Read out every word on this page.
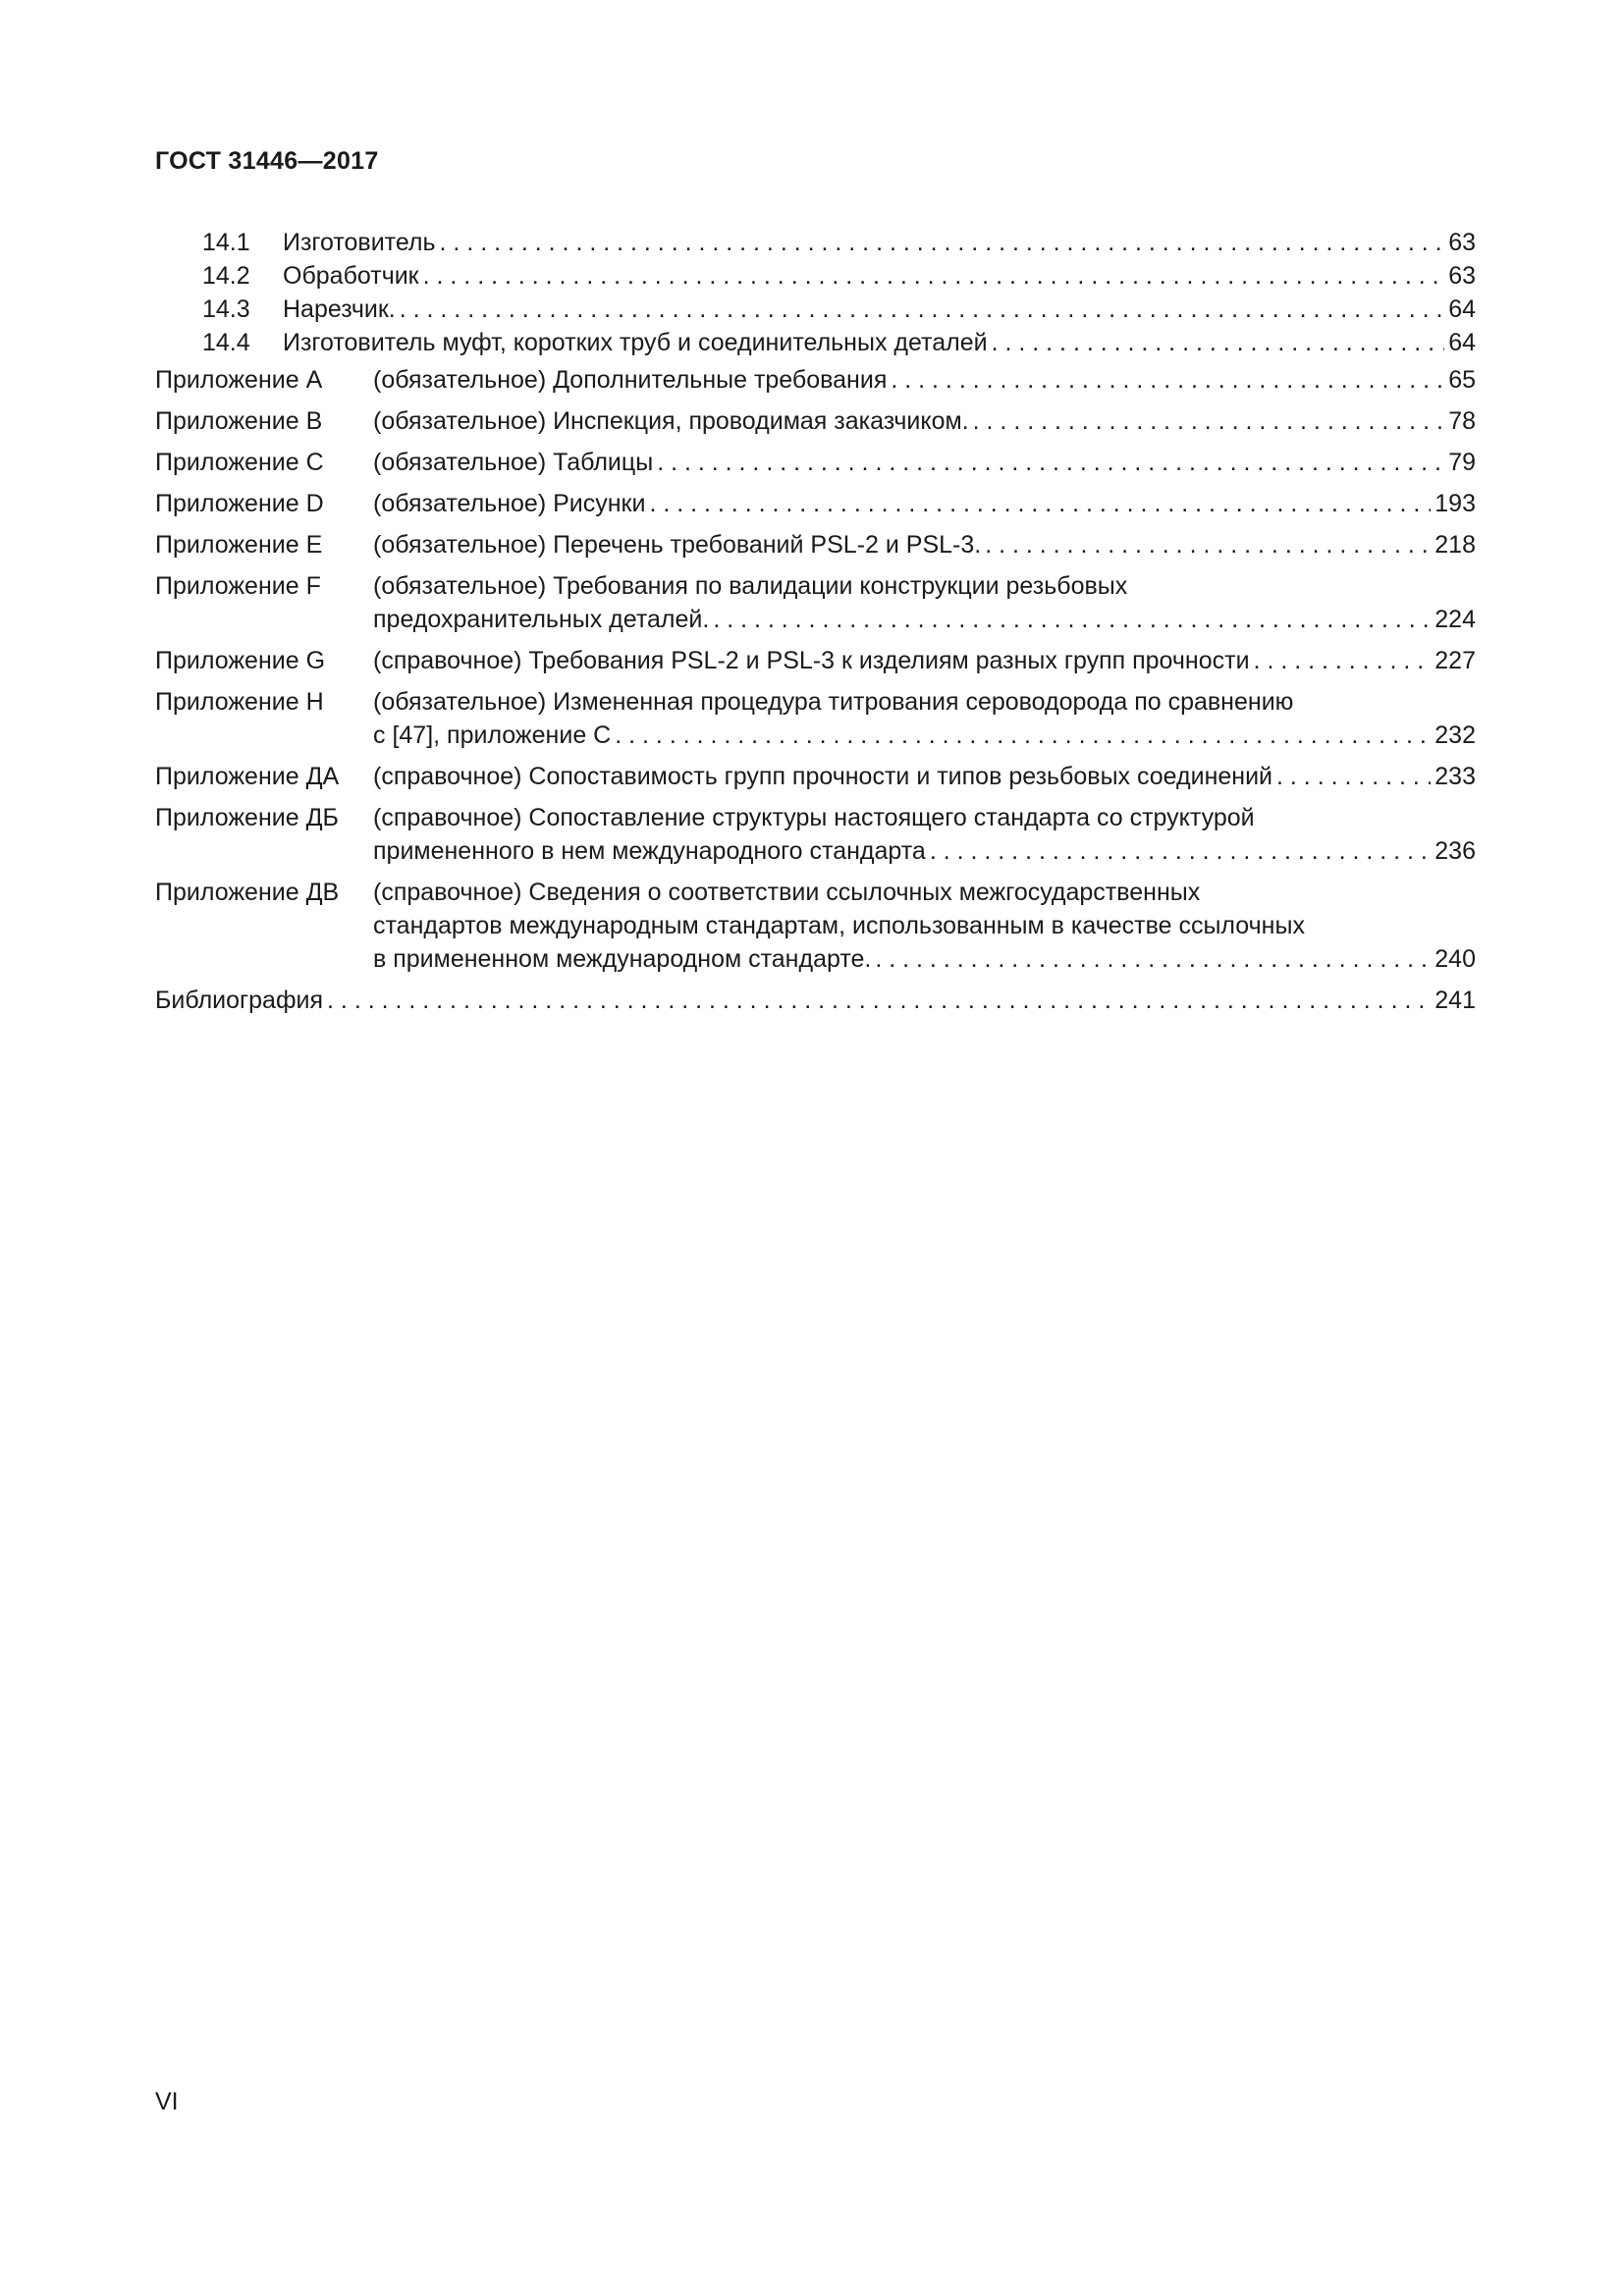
ГОСТ 31446—2017
14.1	Изготовитель . . .	63
14.2	Обработчик . . .	63
14.3	Нарезчик. . . .	64
14.4	Изготовитель муфт, коротких труб и соединительных деталей . . .	64
Приложение А	(обязательное) Дополнительные требования . . .	65
Приложение В	(обязательное) Инспекция, проводимая заказчиком. . . .	78
Приложение С	(обязательное) Таблицы . . .	79
Приложение D	(обязательное) Рисунки . . .	193
Приложение Е	(обязательное) Перечень требований PSL-2 и PSL-3. . . .	218
Приложение F	(обязательное) Требования по валидации конструкции резьбовых
предохранительных деталей. . . .	224
Приложение G	(справочное) Требования PSL-2 и PSL-3 к изделиям разных групп прочности . . .	227
Приложение Н	(обязательное) Измененная процедура титрования сероводорода по сравнению
с [47], приложение С . . .	232
Приложение ДА	(справочное) Сопоставимость групп прочности и типов резьбовых соединений . . .	233
Приложение ДБ	(справочное) Сопоставление структуры настоящего стандарта со структурой
примененного в нем международного стандарта . . .	236
Приложение ДВ	(справочное) Сведения о соответствии ссылочных межгосударственных
стандартов международным стандартам, использованным в качестве ссылочных
в примененном международном стандарте. . . .	240
Библиография . . .	241
VI
